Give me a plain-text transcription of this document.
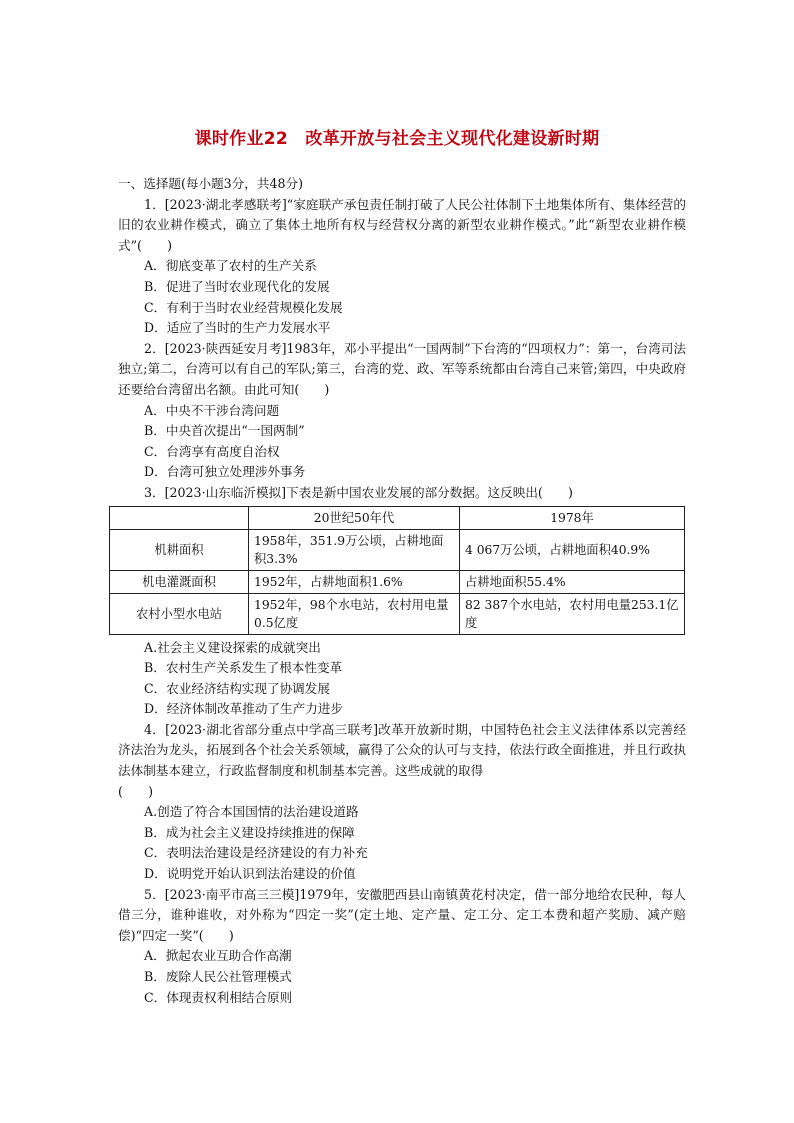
课时作业22　改革开放与社会主义现代化建设新时期
一、选择题(每小题3分，共48分)
1．[2023·湖北孝感联考]“家庭联产承包责任制打破了人民公社体制下土地集体所有、集体经营的旧的农业耕作模式，确立了集体土地所有权与经营权分离的新型农业耕作模式。”此“新型农业耕作模式”(　　)
A．彻底变革了农村的生产关系
B．促进了当时农业现代化的发展
C．有利于当时农业经营规模化发展
D．适应了当时的生产力发展水平
2．[2023·陕西延安月考]1983年，邓小平提出“一国两制”下台湾的“四项权力”：第一，台湾司法独立;第二，台湾可以有自己的军队;第三，台湾的党、政、军等系统都由台湾自己来管;第四，中央政府还要给台湾留出名额。由此可知(　　)
A．中央不干涉台湾问题
B．中央首次提出“一国两制”
C．台湾享有高度自治权
D．台湾可独立处理涉外事务
3．[2023·山东临沂模拟]下表是新中国农业发展的部分数据。这反映出(　　)
	20世纪50年代	1978年
机耕面积	1958年，351.9万公顷，占耕地面积3.3%	4 067万公顷，占耕地面积40.9%
机电灌溉面积	1952年，占耕地面积1.6%	占耕地面积55.4%
农村小型水电站	1952年，98个水电站，农村用电量0.5亿度	82 387个水电站，农村用电量253.1亿度
A.社会主义建设探索的成就突出
B．农村生产关系发生了根本性变革
C．农业经济结构实现了协调发展
D．经济体制改革推动了生产力进步
4．[2023·湖北省部分重点中学高三联考]改革开放新时期，中国特色社会主义法律体系以完善经济法治为龙头，拓展到各个社会关系领域，赢得了公众的认可与支持，依法行政全面推进，并且行政执法体制基本建立，行政监督制度和机制基本完善。这些成就的取得
(　　)
A.创造了符合本国国情的法治建设道路
B．成为社会主义建设持续推进的保障
C．表明法治建设是经济建设的有力补充
D．说明党开始认识到法治建设的价值
5．[2023·南平市高三三模]1979年，安徽肥西县山南镇黄花村决定，借一部分地给农民种，每人借三分，谁种谁收，对外称为“四定一奖”(定土地、定产量、定工分、定工本费和超产奖励、减产赔偿)“四定一奖”(　　)
A．掀起农业互助合作高潮
B．废除人民公社管理模式
C．体现责权利相结合原则
